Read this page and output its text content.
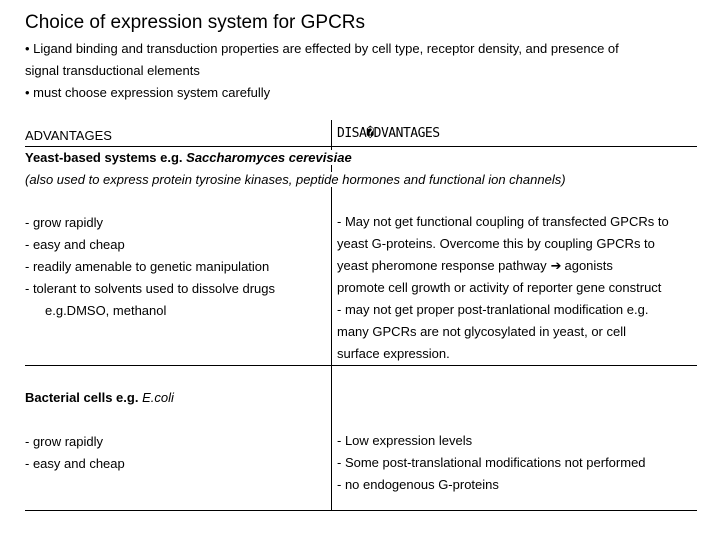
Choice of expression system for GPCRs
• Ligand binding and transduction properties are effected by cell type, receptor density, and presence of
signal transductional elements
• must choose expression system carefully
ADVANTAGES	DISA�DVANTAGES
Yeast-based systems e.g. Saccharomyces cerevisiae
(also used to express protein tyrosine kinases, peptide hormones and functional ion channels)
- grow rapidly
- easy and cheap
- readily amenable to genetic manipulation
- tolerant to solvents used to dissolve drugs
e.g.DMSO, methanol
- May not get functional coupling of transfected GPCRs to
yeast G-proteins. Overcome this by coupling GPCRs to
yeast pheromone response pathway ➔ agonists
promote cell growth or activity of reporter gene construct
- may not get proper post-tranlational modification e.g.
many GPCRs are not glycosylated in yeast, or cell
surface expression.
Bacterial cells e.g. E.coli
- grow rapidly
- easy and cheap
- Low expression levels
- Some post-translational modifications not performed
- no endogenous G-proteins
